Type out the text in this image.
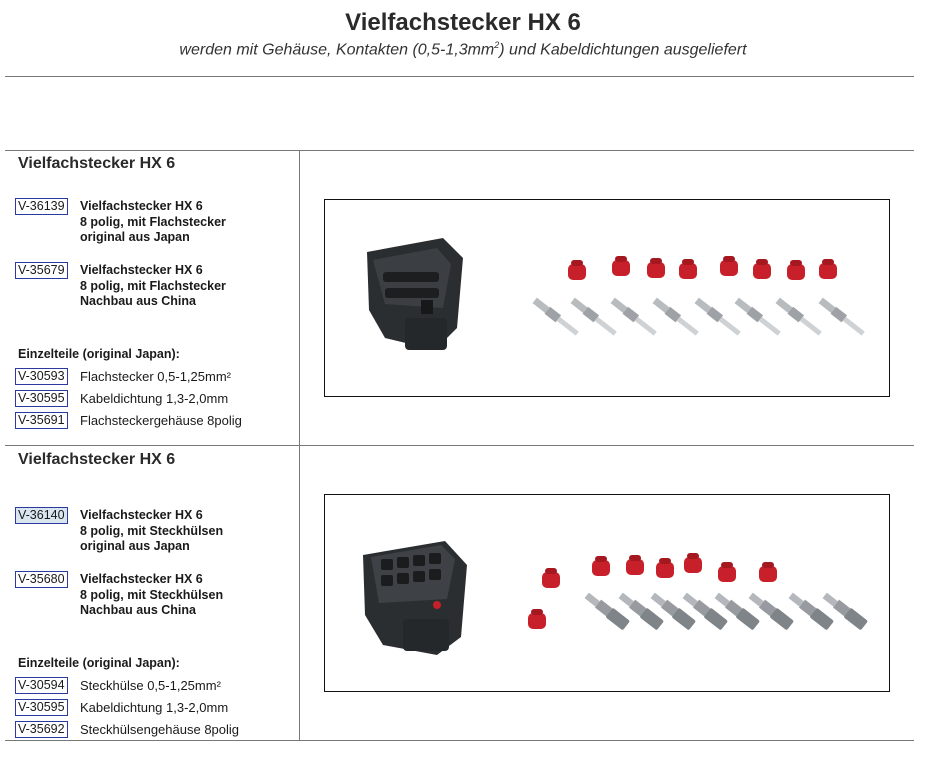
Vielfachstecker HX 6
werden mit Gehäuse, Kontakten $(0,5-1,3mm^2)$ und Kabeldichtungen ausgeliefert
Vielfachstecker HX 6
V-36139 Vielfachstecker HX 6
8 polig, mit Flachstecker
original aus Japan
V-35679 Vielfachstecker HX 6
8 polig, mit Flachstecker
Nachbau aus China
Einzelteile (original Japan):
V-30593 Flachstecker 0,5-1,25mm²
V-30595 Kabeldichtung 1,3-2,0mm
V-35691 Flachsteckergehäuse 8polig
Vielfachstecker HX 6
V-36140 Vielfachstecker HX 6
8 polig, mit Steckhülsen
original aus Japan
V-35680 Vielfachstecker HX 6
8 polig, mit Steckhülsen
Nachbau aus China
Einzelteile (original Japan):
V-30594 Steckhülse 0,5-1,25mm²
V-30595 Kabeldichtung 1,3-2,0mm
V-35692 Steckhülsengehäuse 8polig
